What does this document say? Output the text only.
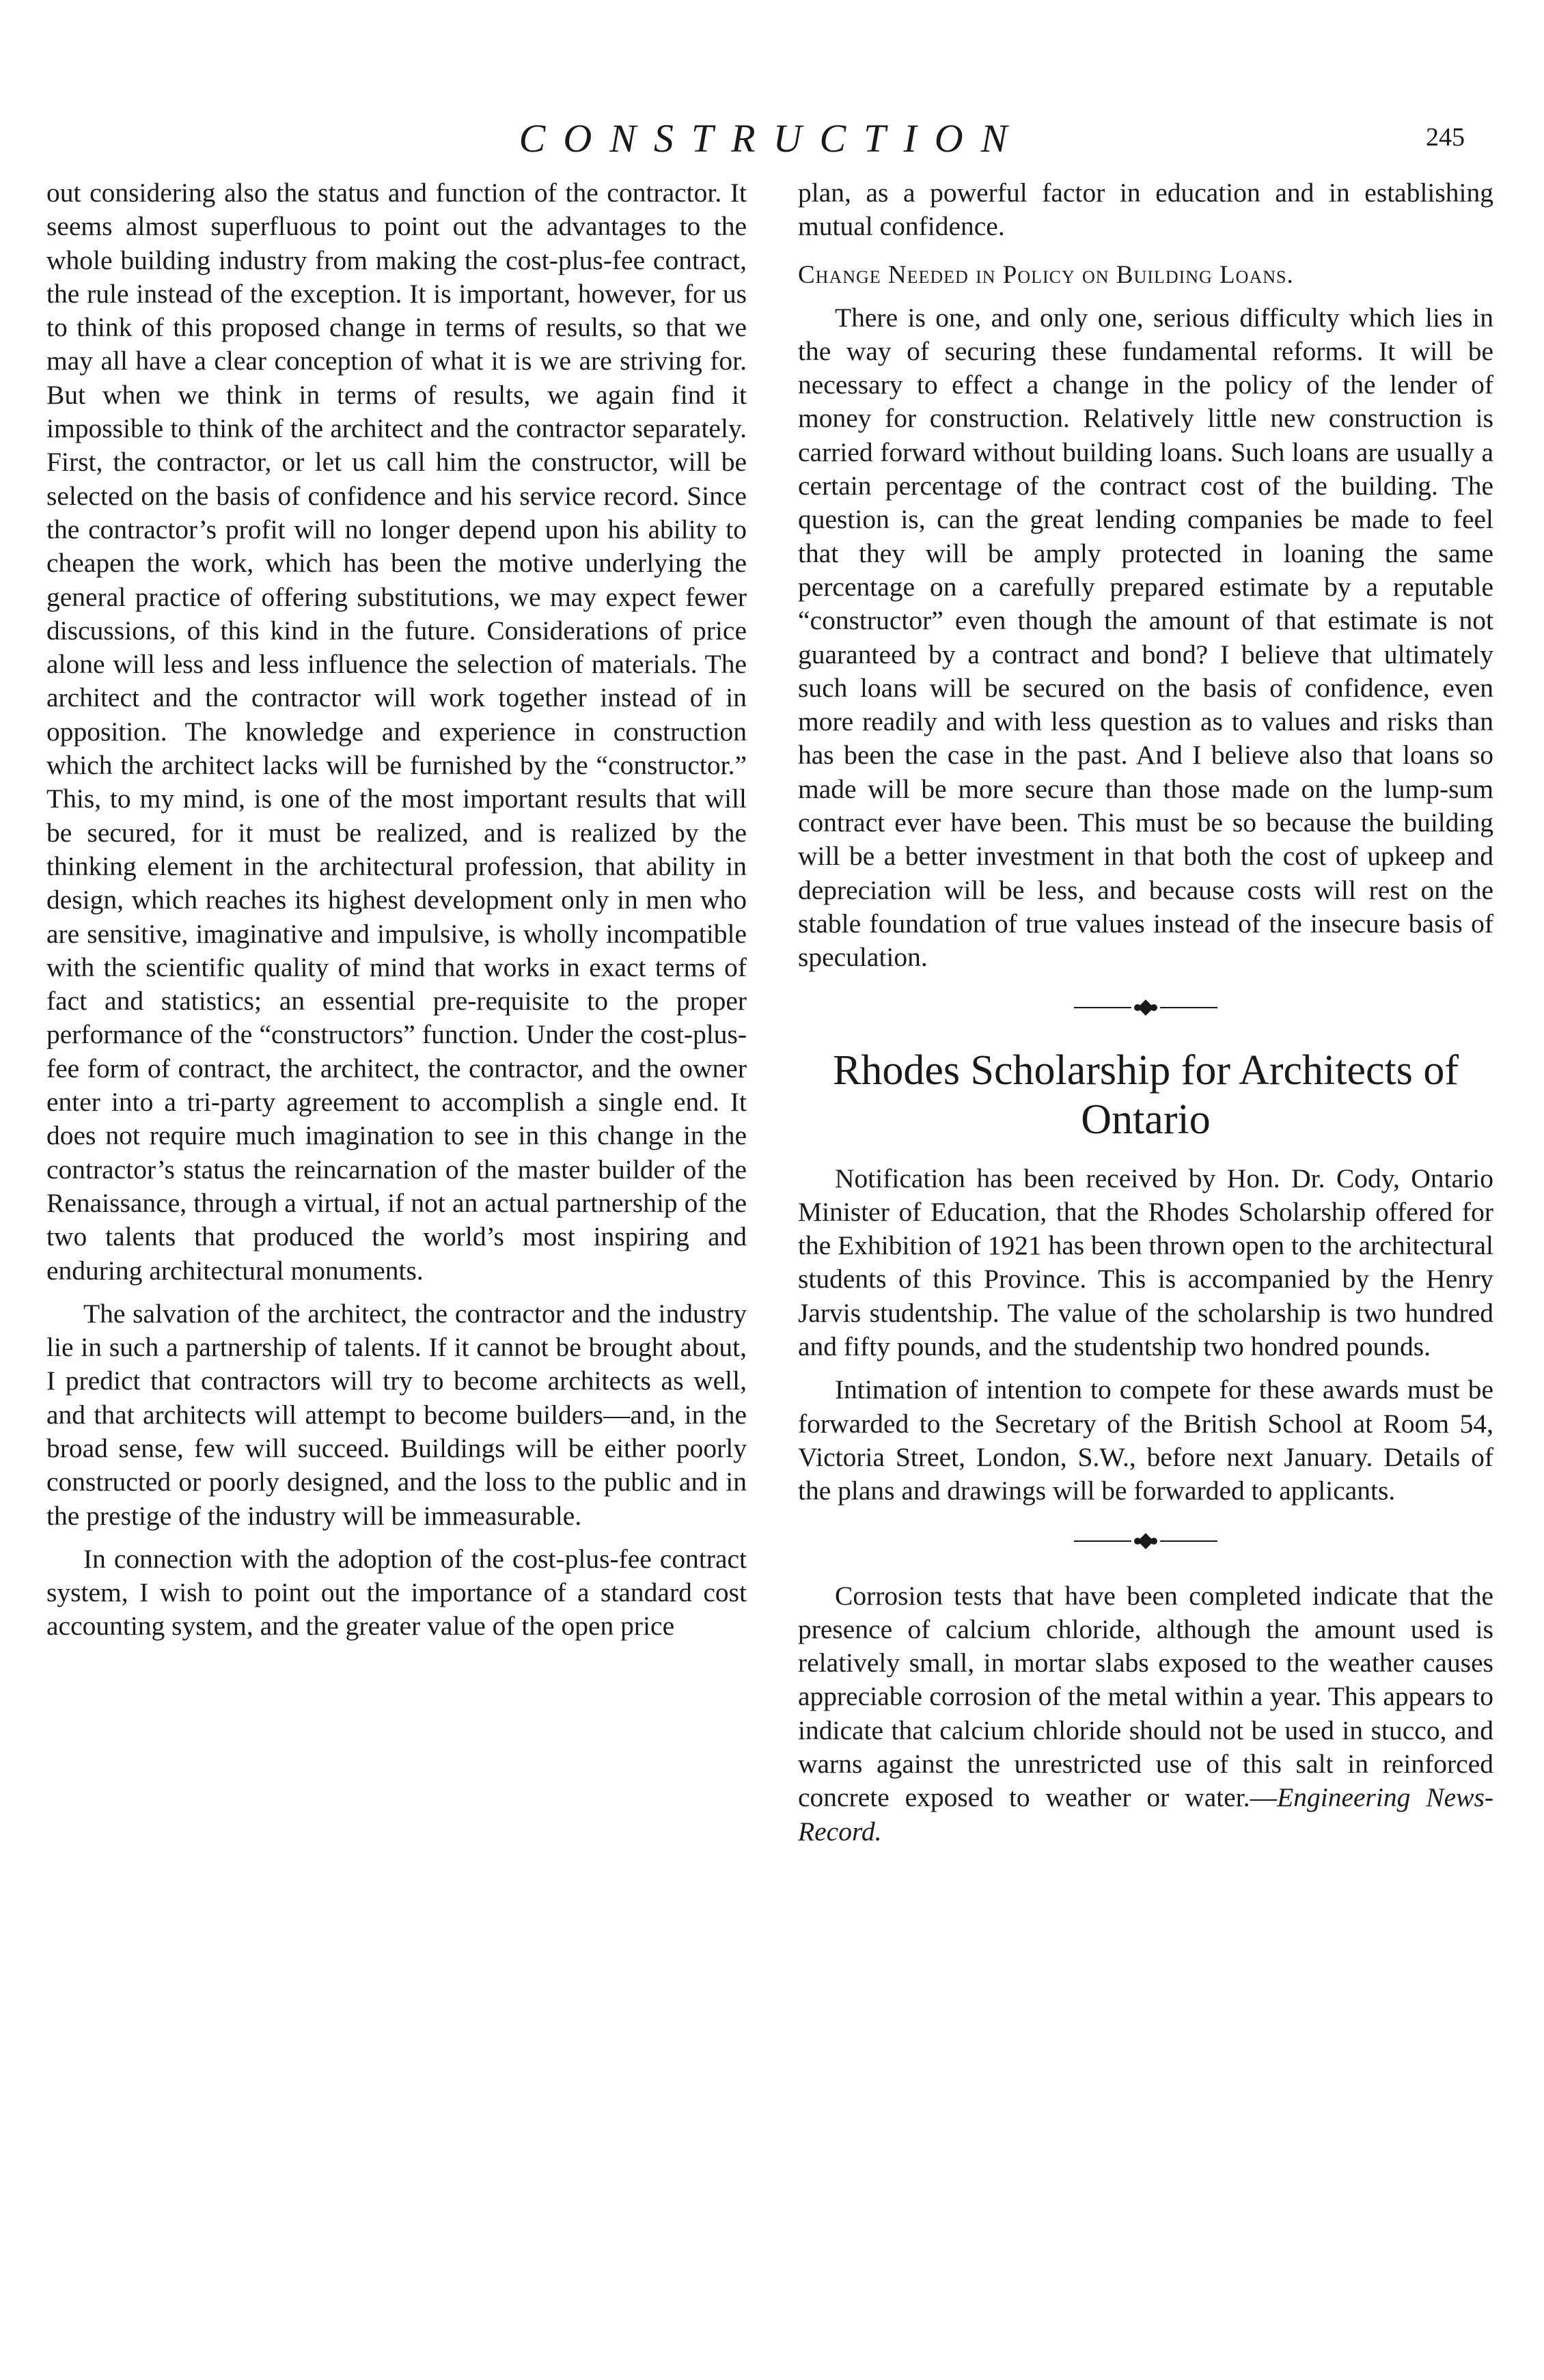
CONSTRUCTION	245

out considering also the status and function of the contractor. It seems almost superfluous to point out the advantages to the whole building industry from making the cost-plus-fee contract, the rule instead of the exception. It is important, however, for us to think of this proposed change in terms of results, so that we may all have a clear conception of what it is we are striving for. But when we think in terms of results, we again find it impossible to think of the architect and the contractor separately. First, the contractor, or let us call him the constructor, will be selected on the basis of confidence and his service record. Since the contractor’s profit will no longer depend upon his ability to cheapen the work, which has been the motive underlying the general practice of offering substitutions, we may expect fewer discussions, of this kind in the future. Considerations of price alone will less and less influence the selection of materials. The architect and the contractor will work together instead of in opposition. The knowledge and experience in construction which the architect lacks will be furnished by the “constructor.” This, to my mind, is one of the most important results that will be secured, for it must be realized, and is realized by the thinking element in the architectural profession, that ability in design, which reaches its highest development only in men who are sensitive, imaginative and impulsive, is wholly incompatible with the scientific quality of mind that works in exact terms of fact and statistics; an essential pre-requisite to the proper performance of the “constructors” function. Under the cost-plus-fee form of contract, the architect, the contractor, and the owner enter into a tri-party agreement to accomplish a single end. It does not require much imagination to see in this change in the contractor’s status the reincarnation of the master builder of the Renaissance, through a virtual, if not an actual partnership of the two talents that produced the world’s most inspiring and enduring architectural monuments.

The salvation of the architect, the contractor and the industry lie in such a partnership of talents. If it cannot be brought about, I predict that contractors will try to become architects as well, and that architects will attempt to become builders—and, in the broad sense, few will succeed. Buildings will be either poorly constructed or poorly designed, and the loss to the public and in the prestige of the industry will be immeasurable.

In connection with the adoption of the cost-plus-fee contract system, I wish to point out the importance of a standard cost accounting system, and the greater value of the open price

plan, as a powerful factor in education and in establishing mutual confidence.

Change Needed in Policy on Building Loans.

There is one, and only one, serious difficulty which lies in the way of securing these fundamental reforms. It will be necessary to effect a change in the policy of the lender of money for construction. Relatively little new construction is carried forward without building loans. Such loans are usually a certain percentage of the contract cost of the building. The question is, can the great lending companies be made to feel that they will be amply protected in loaning the same percentage on a carefully prepared estimate by a reputable “constructor” even though the amount of that estimate is not guaranteed by a contract and bond? I believe that ultimately such loans will be secured on the basis of confidence, even more readily and with less question as to values and risks than has been the case in the past. And I believe also that loans so made will be more secure than those made on the lump-sum contract ever have been. This must be so because the building will be a better investment in that both the cost of upkeep and depreciation will be less, and because costs will rest on the stable foundation of true values instead of the insecure basis of speculation.

Rhodes Scholarship for Architects of Ontario

Notification has been received by Hon. Dr. Cody, Ontario Minister of Education, that the Rhodes Scholarship offered for the Exhibition of 1921 has been thrown open to the architectural students of this Province. This is accompanied by the Henry Jarvis studentship. The value of the scholarship is two hundred and fifty pounds, and the studentship two hondred pounds.

Intimation of intention to compete for these awards must be forwarded to the Secretary of the British School at Room 54, Victoria Street, London, S.W., before next January. Details of the plans and drawings will be forwarded to applicants.

Corrosion tests that have been completed indicate that the presence of calcium chloride, although the amount used is relatively small, in mortar slabs exposed to the weather causes appreciable corrosion of the metal within a year. This appears to indicate that calcium chloride should not be used in stucco, and warns against the unrestricted use of this salt in reinforced concrete exposed to weather or water.—Engineering News-Record.
